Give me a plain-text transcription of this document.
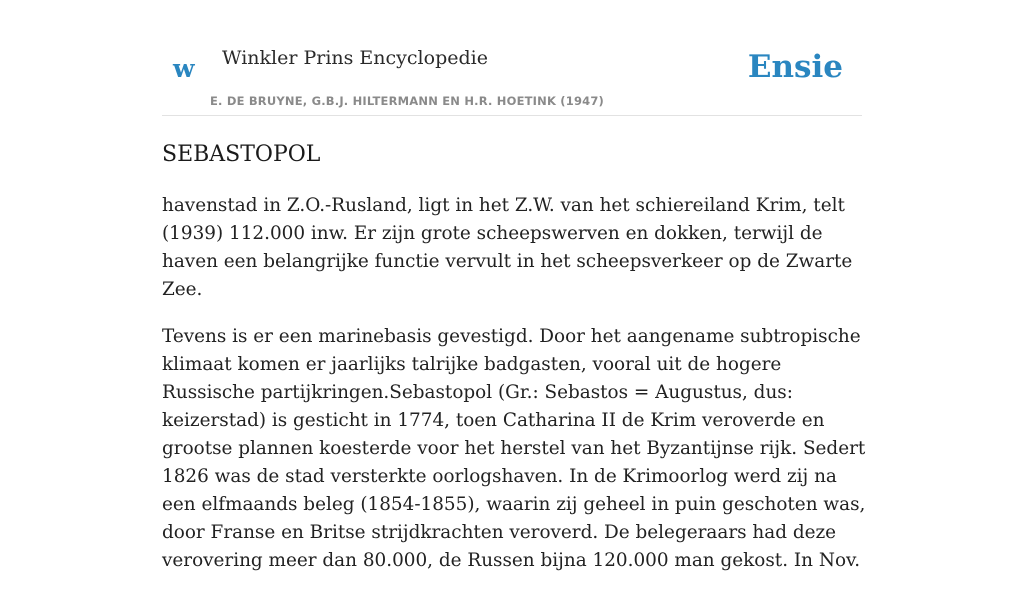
w Winkler Prins Encyclopedie
E. DE BRUYNE, G.B.J. HILTERMANN EN H.R. HOETINK (1947)
Ensie
SEBASTOPOL

havenstad in Z.O.-Rusland, ligt in het Z.W. van het schiereiland Krim, telt (1939) 112.000 inw. Er zijn grote scheepswerven en dokken, terwijl de haven een belangrijke functie vervult in het scheepsverkeer op de Zwarte Zee.

Tevens is er een marinebasis gevestigd. Door het aangename subtropische klimaat komen er jaarlijks talrijke badgasten, vooral uit de hogere Russische partijkringen.Sebastopol (Gr.: Sebastos = Augustus, dus: keizerstad) is gesticht in 1774, toen Catharina II de Krim veroverde en grootse plannen koesterde voor het herstel van het Byzantijnse rijk. Sedert 1826 was de stad versterkte oorlogshaven. In de Krimoorlog werd zij na een elfmaands beleg (1854-1855), waarin zij geheel in puin geschoten was, door Franse en Britse strijdkrachten veroverd. De belegeraars had deze verovering meer dan 80.000, de Russen bijna 120.000 man gekost. In Nov.
